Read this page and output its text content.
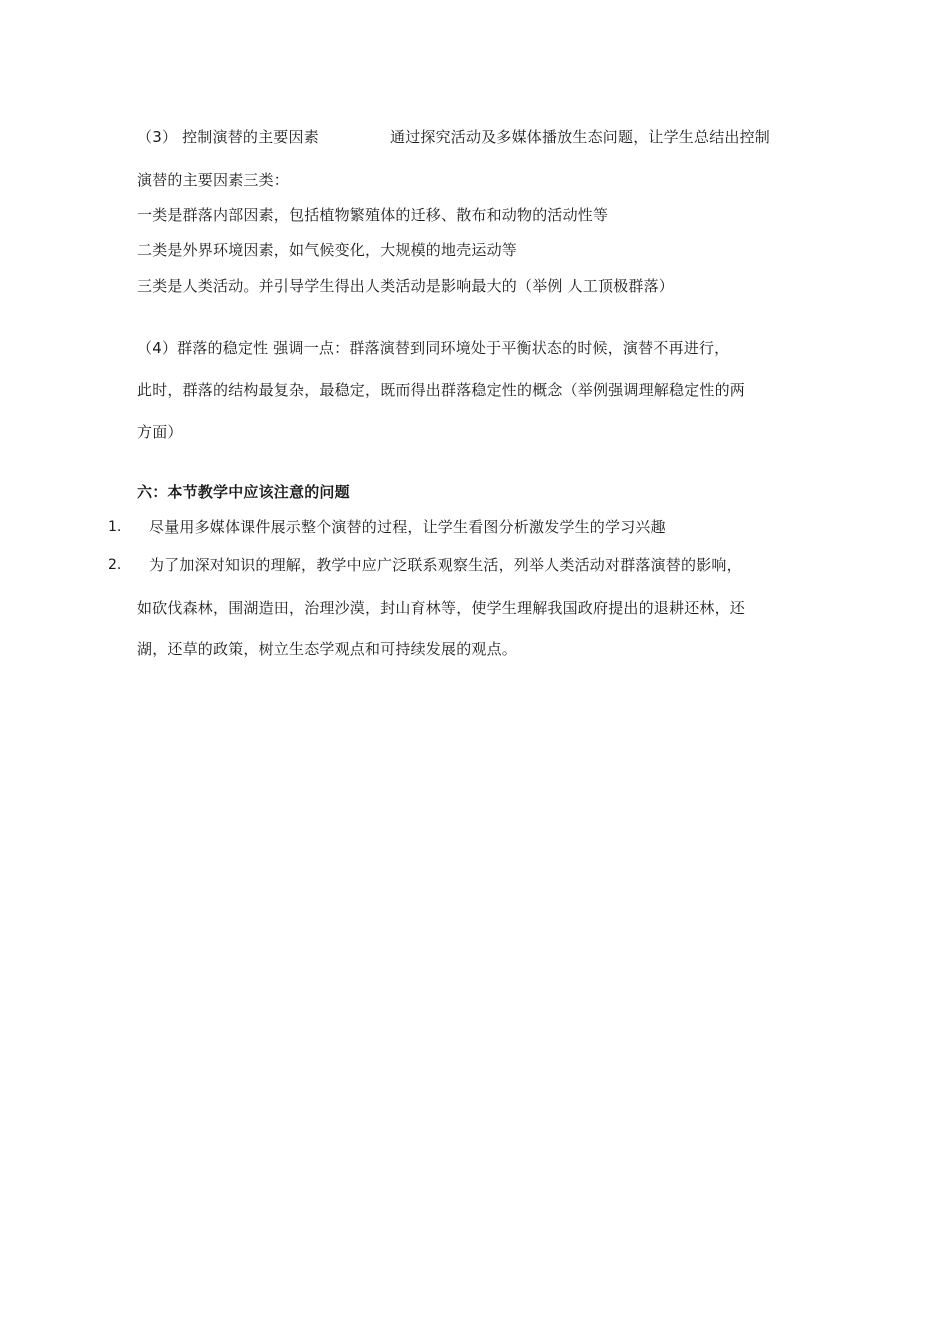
（3） 控制演替的主要因素	通过探究活动及多媒体播放生态问题，让学生总结出控制
演替的主要因素三类：
一类是群落内部因素，包括植物繁殖体的迁移、散布和动物的活动性等
二类是外界环境因素，如气候变化，大规模的地壳运动等
三类是人类活动。并引导学生得出人类活动是影响最大的（举例 人工顶极群落）
（4）群落的稳定性 强调一点：群落演替到同环境处于平衡状态的时候，演替不再进行，
此时，群落的结构最复杂，最稳定，既而得出群落稳定性的概念（举例强调理解稳定性的两
方面）
六：本节教学中应该注意的问题
1. 尽量用多媒体课件展示整个演替的过程，让学生看图分析激发学生的学习兴趣
2. 为了加深对知识的理解，教学中应广泛联系观察生活，列举人类活动对群落演替的影响，
如砍伐森林，围湖造田，治理沙漠，封山育林等，使学生理解我国政府提出的退耕还林，还
湖，还草的政策，树立生态学观点和可持续发展的观点。
